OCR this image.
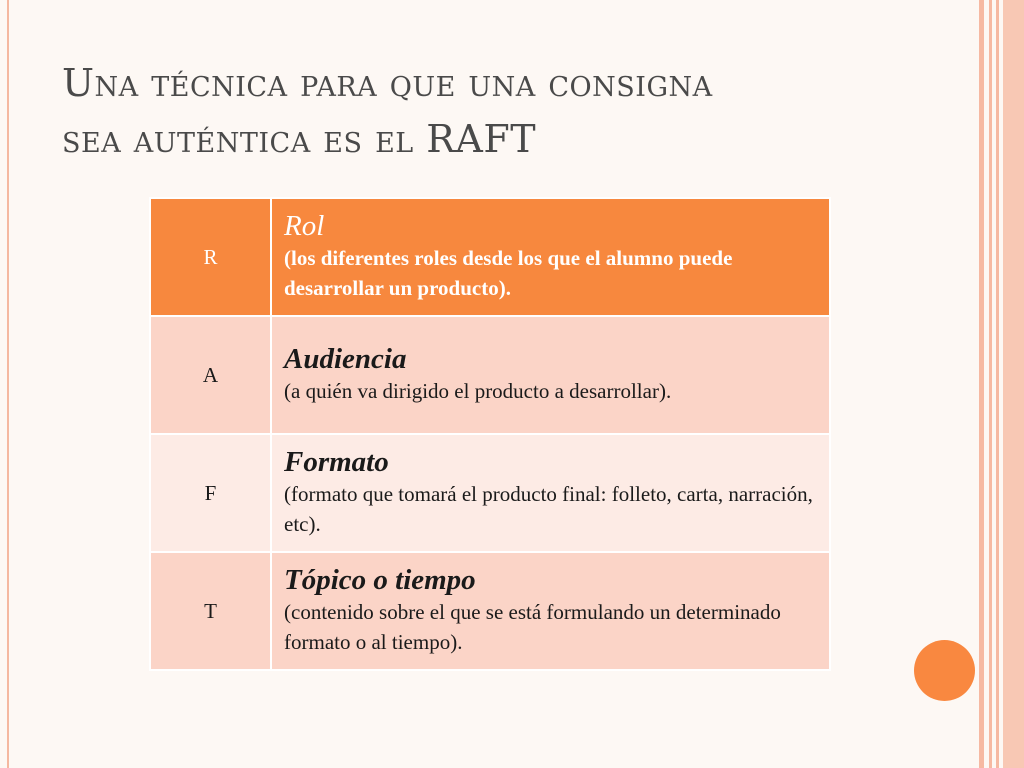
Una técnica para que una consigna
sea auténtica es el RAFT
R	Rol
(los diferentes roles desde los que el alumno puede desarrollar un producto).

A	Audiencia
(a quién va dirigido el producto a desarrollar).

F	Formato
(formato que tomará el producto final: folleto, carta, narración, etc).

T	Tópico o tiempo
(contenido sobre el que se está formulando un determinado formato o al tiempo).
